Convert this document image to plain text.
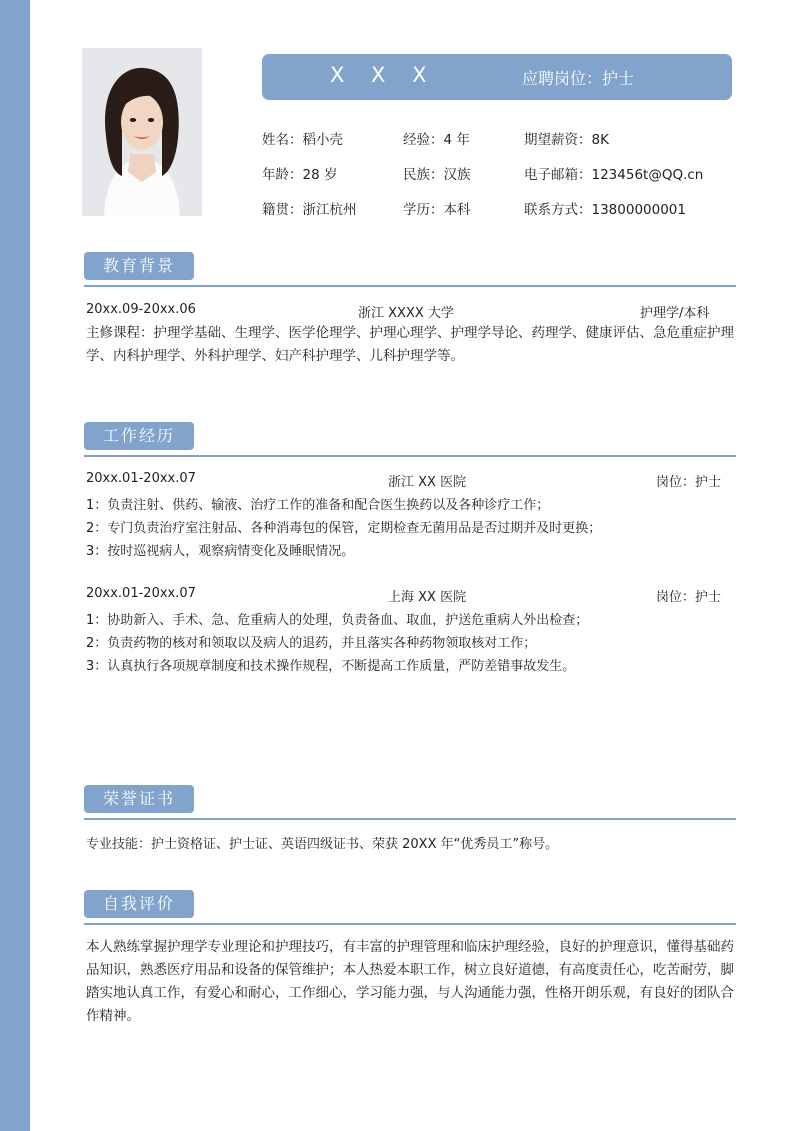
X X X	应聘岗位：护士
姓名：稻小壳	经验：4 年	期望薪资：8K
年龄：28 岁	民族：汉族	电子邮箱：123456t@QQ.cn
籍贯：浙江杭州	学历：本科	联系方式：13800000001
教育背景
20xx.09-20xx.06	浙江 XXXX 大学	护理学/本科
主修课程：护理学基础、生理学、医学伦理学、护理心理学、护理学导论、药理学、健康评估、急危重症护理学、内科护理学、外科护理学、妇产科护理学、儿科护理学等。
工作经历
20xx.01-20xx.07	浙江 XX 医院	岗位：护士
1：负责注射、供药、输液、治疗工作的准备和配合医生换药以及各种诊疗工作；
2：专门负责治疗室注射品、各种消毒包的保管，定期检查无菌用品是否过期并及时更换；
3：按时巡视病人，观察病情变化及睡眠情况。
20xx.01-20xx.07	上海 XX 医院	岗位：护士
1：协助新入、手术、急、危重病人的处理，负责备血、取血，护送危重病人外出检查；
2：负责药物的核对和领取以及病人的退药，并且落实各种药物领取核对工作；
3：认真执行各项规章制度和技术操作规程，不断提高工作质量，严防差错事故发生。
荣誉证书
专业技能：护士资格证、护士证、英语四级证书、荣获 20XX 年“优秀员工”称号。
自我评价
本人熟练掌握护理学专业理论和护理技巧，有丰富的护理管理和临床护理经验，良好的护理意识，懂得基础药品知识，熟悉医疗用品和设备的保管维护；本人热爱本职工作，树立良好道德，有高度责任心，吃苦耐劳，脚踏实地认真工作，有爱心和耐心，工作细心，学习能力强，与人沟通能力强，性格开朗乐观，有良好的团队合作精神。
